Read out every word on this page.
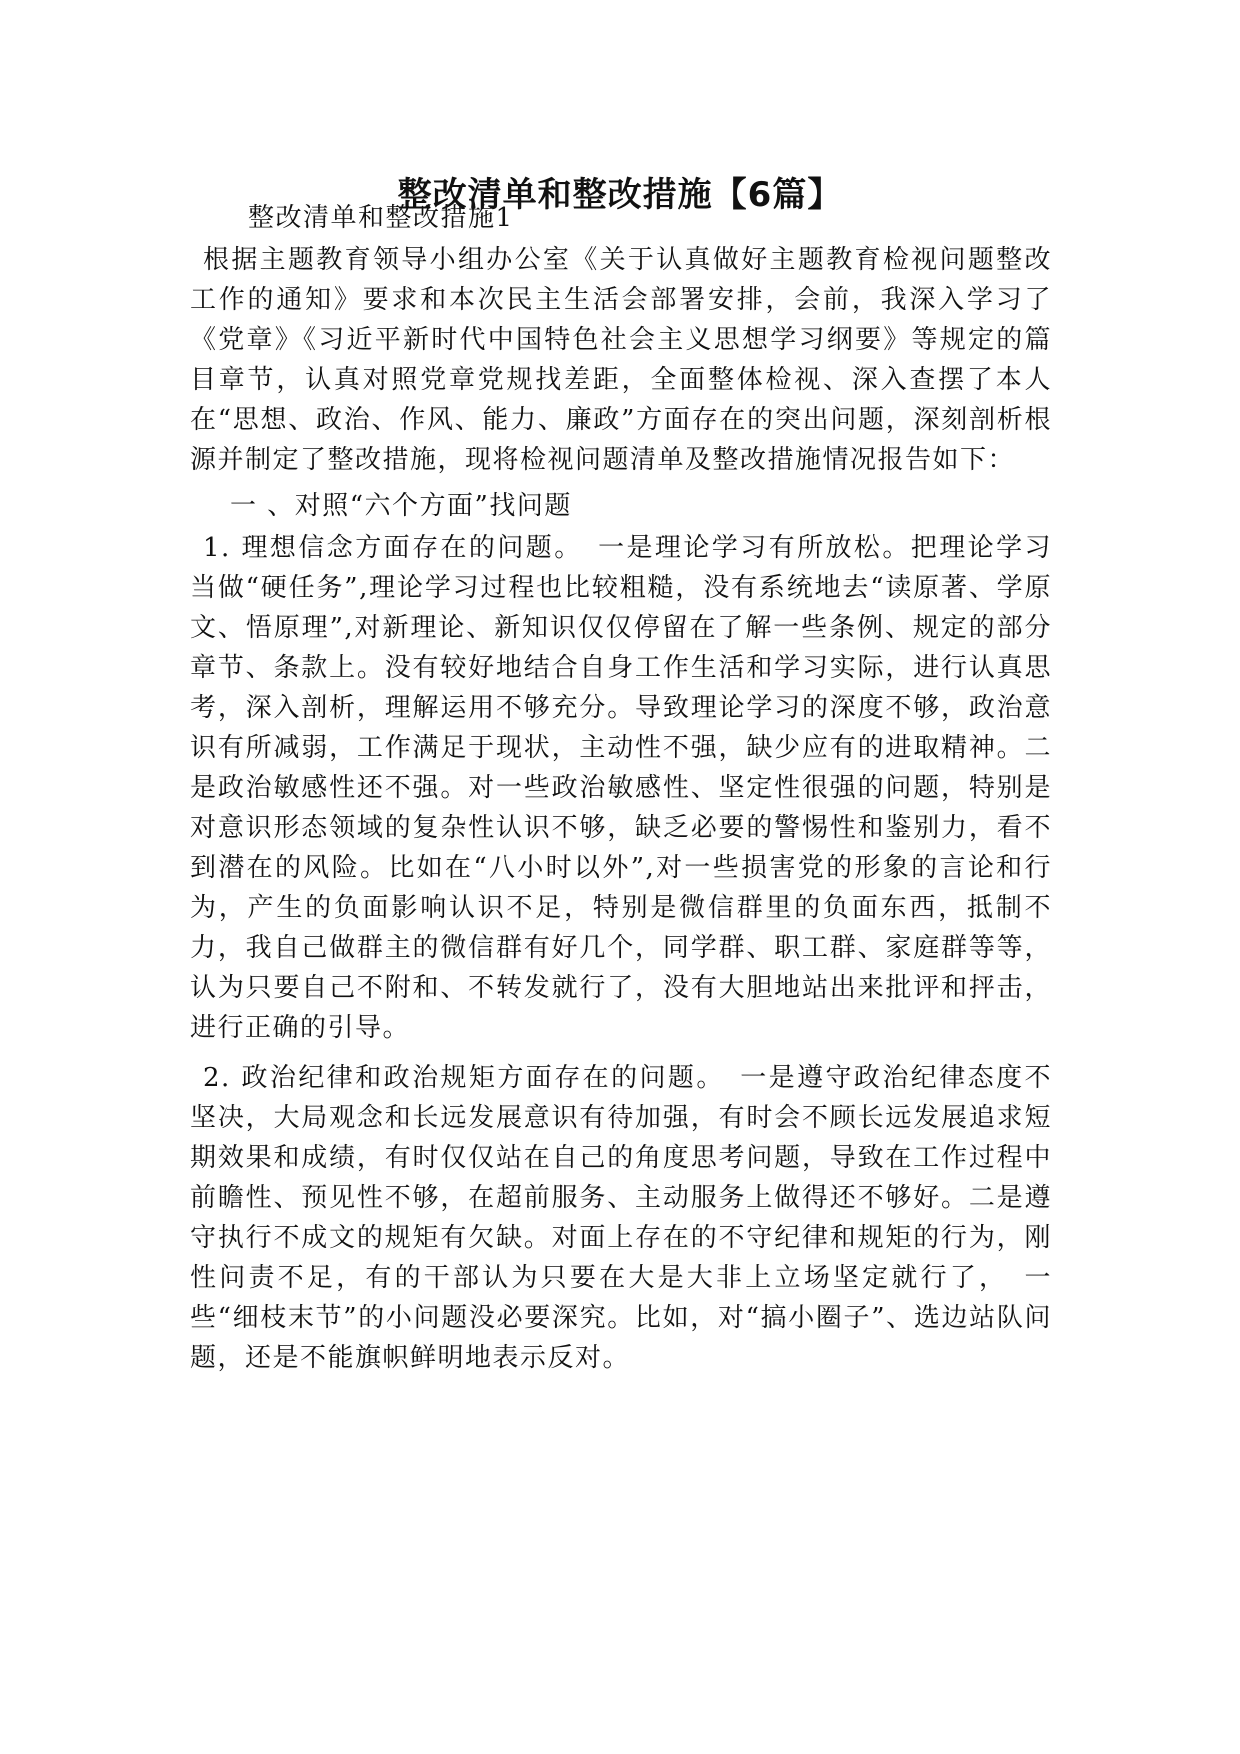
整改清单和整改措施【6篇】

整改清单和整改措施1

根据主题教育领导小组办公室《关于认真做好主题教育检视问题整改工作的通知》要求和本次民主生活会部署安排，会前，我深入学习了《党章》《习近平新时代中国特色社会主义思想学习纲要》等规定的篇目章节，认真对照党章党规找差距，全面整体检视、深入查摆了本人在“思想、政治、作风、能力、廉政”方面存在的突出问题，深刻剖析根源并制定了整改措施，现将检视问题清单及整改措施情况报告如下：

一 、对照“六个方面”找问题

1. 理想信念方面存在的问题。　一是理论学习有所放松。把理论学习当做“硬任务”,理论学习过程也比较粗糙，没有系统地去“读原著、学原文、悟原理”,对新理论、新知识仅仅停留在了解一些条例、规定的部分章节、条款上。没有较好地结合自身工作生活和学习实际，进行认真思考，深入剖析，理解运用不够充分。导致理论学习的深度不够，政治意识有所减弱，工作满足于现状，主动性不强，缺少应有的进取精神。二是政治敏感性还不强。对一些政治敏感性、坚定性很强的问题，特别是对意识形态领域的复杂性认识不够，缺乏必要的警惕性和鉴别力，看不到潜在的风险。比如在“八小时以外”,对一些损害党的形象的言论和行为，产生的负面影响认识不足，特别是微信群里的负面东西，抵制不力，我自己做群主的微信群有好几个，同学群、职工群、家庭群等等，认为只要自己不附和、不转发就行了，没有大胆地站出来批评和抨击，进行正确的引导。

2. 政治纪律和政治规矩方面存在的问题。　一是遵守政治纪律态度不坚决，大局观念和长远发展意识有待加强，有时会不顾长远发展追求短期效果和成绩，有时仅仅站在自己的角度思考问题，导致在工作过程中前瞻性、预见性不够，在超前服务、主动服务上做得还不够好。二是遵守执行不成文的规矩有欠缺。对面上存在的不守纪律和规矩的行为，刚性问责不足，有的干部认为只要在大是大非上立场坚定就行了，　一些“细枝末节”的小问题没必要深究。比如，对“搞小圈子”、选边站队问题，还是不能旗帜鲜明地表示反对。
